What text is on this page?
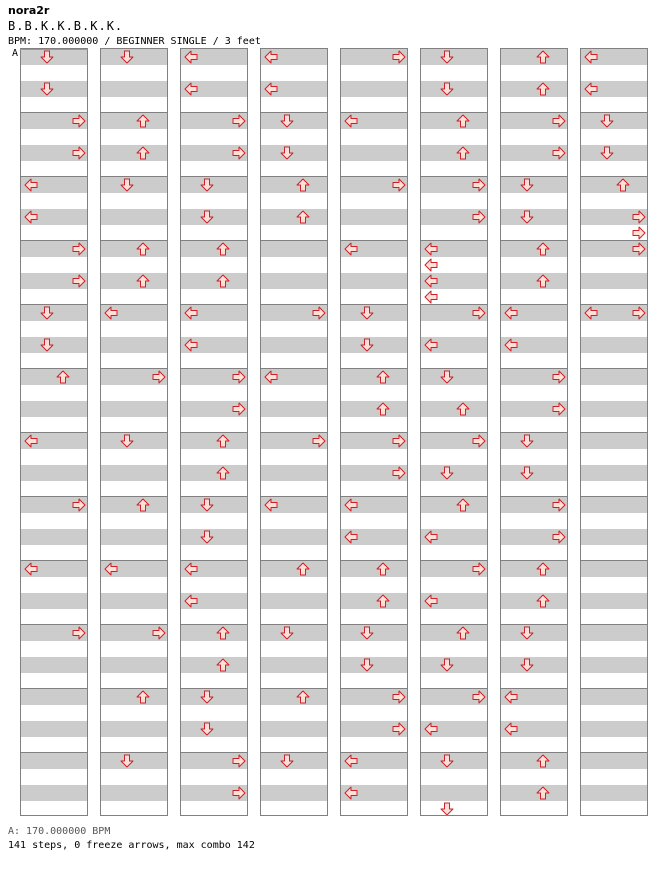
nora2r
B.B.K.K.B.K.K.
BPM: 170.000000 / BEGINNER SINGLE / 3 feet
A
A: 170.000000 BPM
141 steps, 0 freeze arrows, max combo 142
